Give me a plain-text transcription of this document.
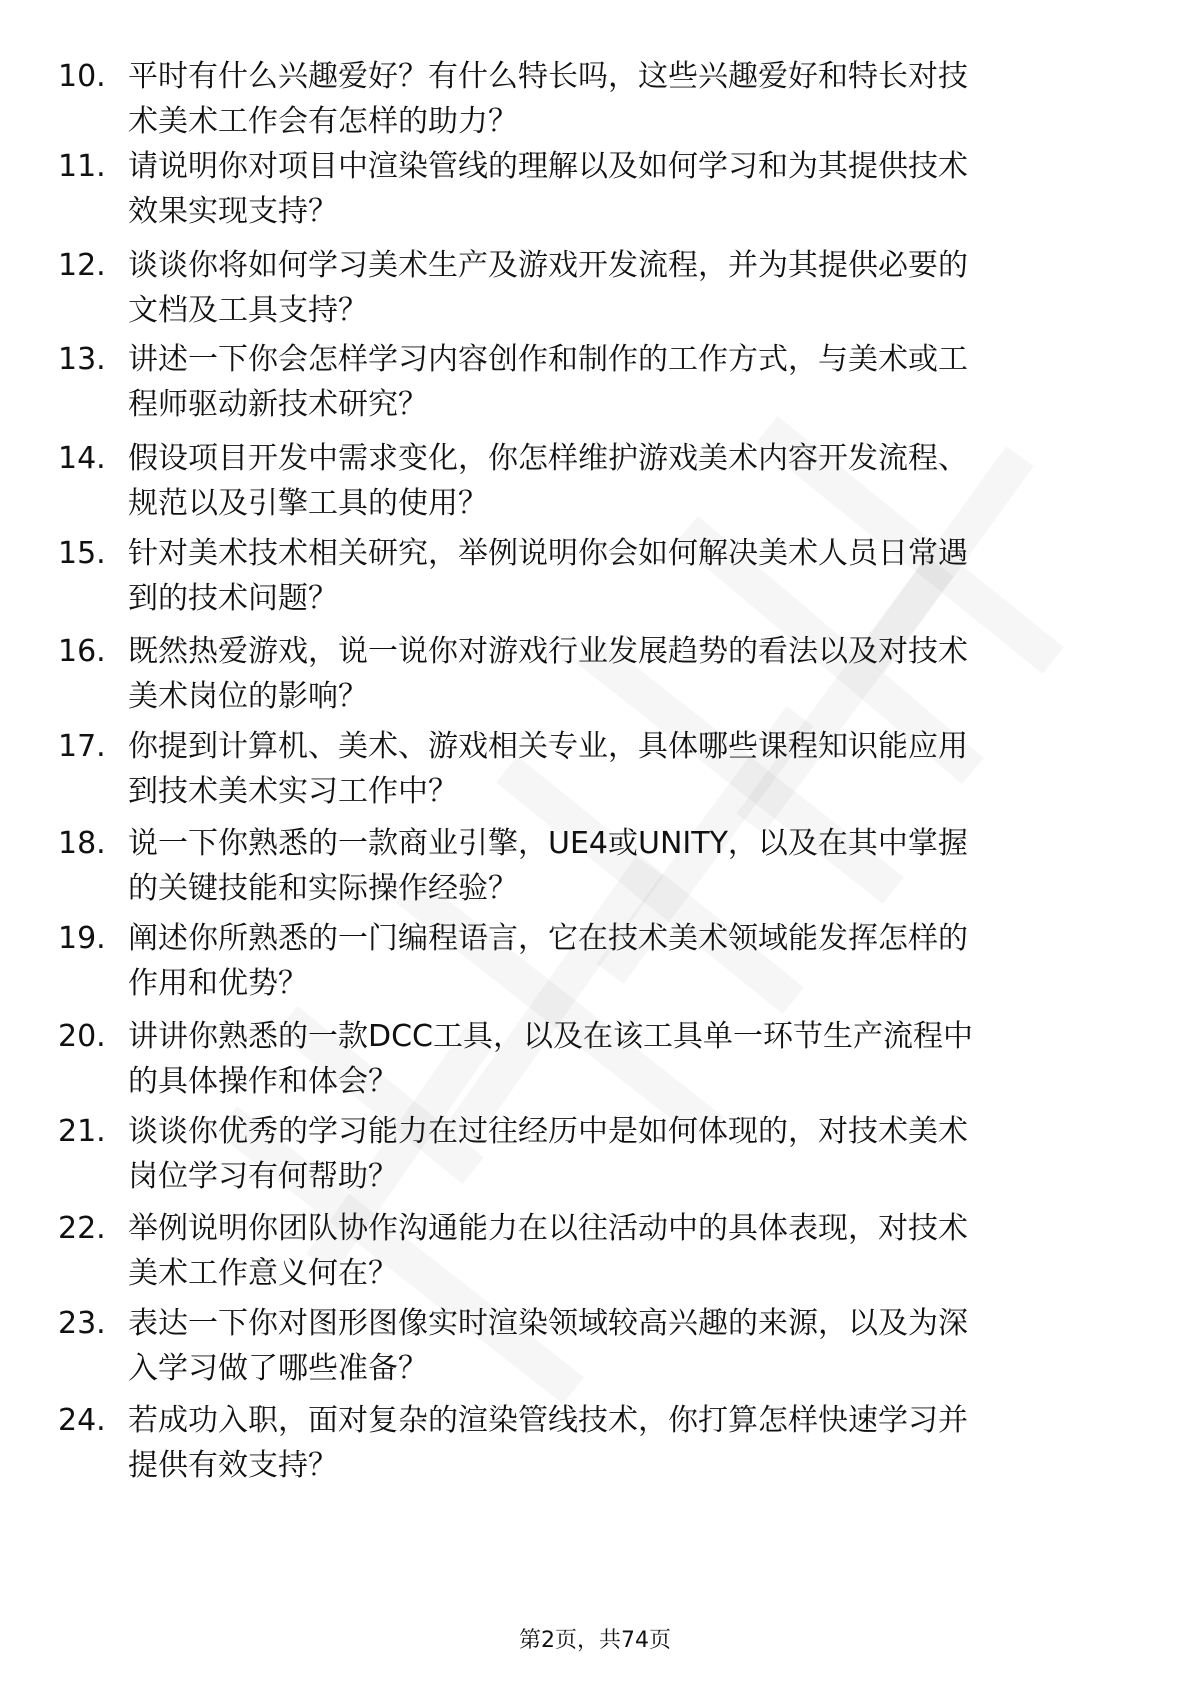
10. 平时有什么兴趣爱好？有什么特长吗，这些兴趣爱好和特长对技
术美术工作会有怎样的助力？
11. 请说明你对项目中渲染管线的理解以及如何学习和为其提供技术
效果实现支持？
12. 谈谈你将如何学习美术生产及游戏开发流程，并为其提供必要的
文档及工具支持？
13. 讲述一下你会怎样学习内容创作和制作的工作方式，与美术或工
程师驱动新技术研究？
14. 假设项目开发中需求变化，你怎样维护游戏美术内容开发流程、
规范以及引擎工具的使用？
15. 针对美术技术相关研究，举例说明你会如何解决美术人员日常遇
到的技术问题？
16. 既然热爱游戏，说一说你对游戏行业发展趋势的看法以及对技术
美术岗位的影响？
17. 你提到计算机、美术、游戏相关专业，具体哪些课程知识能应用
到技术美术实习工作中？
18. 说一下你熟悉的一款商业引擎，UE4或UNITY，以及在其中掌握
的关键技能和实际操作经验？
19. 阐述你所熟悉的一门编程语言，它在技术美术领域能发挥怎样的
作用和优势？
20. 讲讲你熟悉的一款DCC工具，以及在该工具单一环节生产流程中
的具体操作和体会？
21. 谈谈你优秀的学习能力在过往经历中是如何体现的，对技术美术
岗位学习有何帮助？
22. 举例说明你团队协作沟通能力在以往活动中的具体表现，对技术
美术工作意义何在？
23. 表达一下你对图形图像实时渲染领域较高兴趣的来源，以及为深
入学习做了哪些准备？
24. 若成功入职，面对复杂的渲染管线技术，你打算怎样快速学习并
提供有效支持？
第2页，共74页
